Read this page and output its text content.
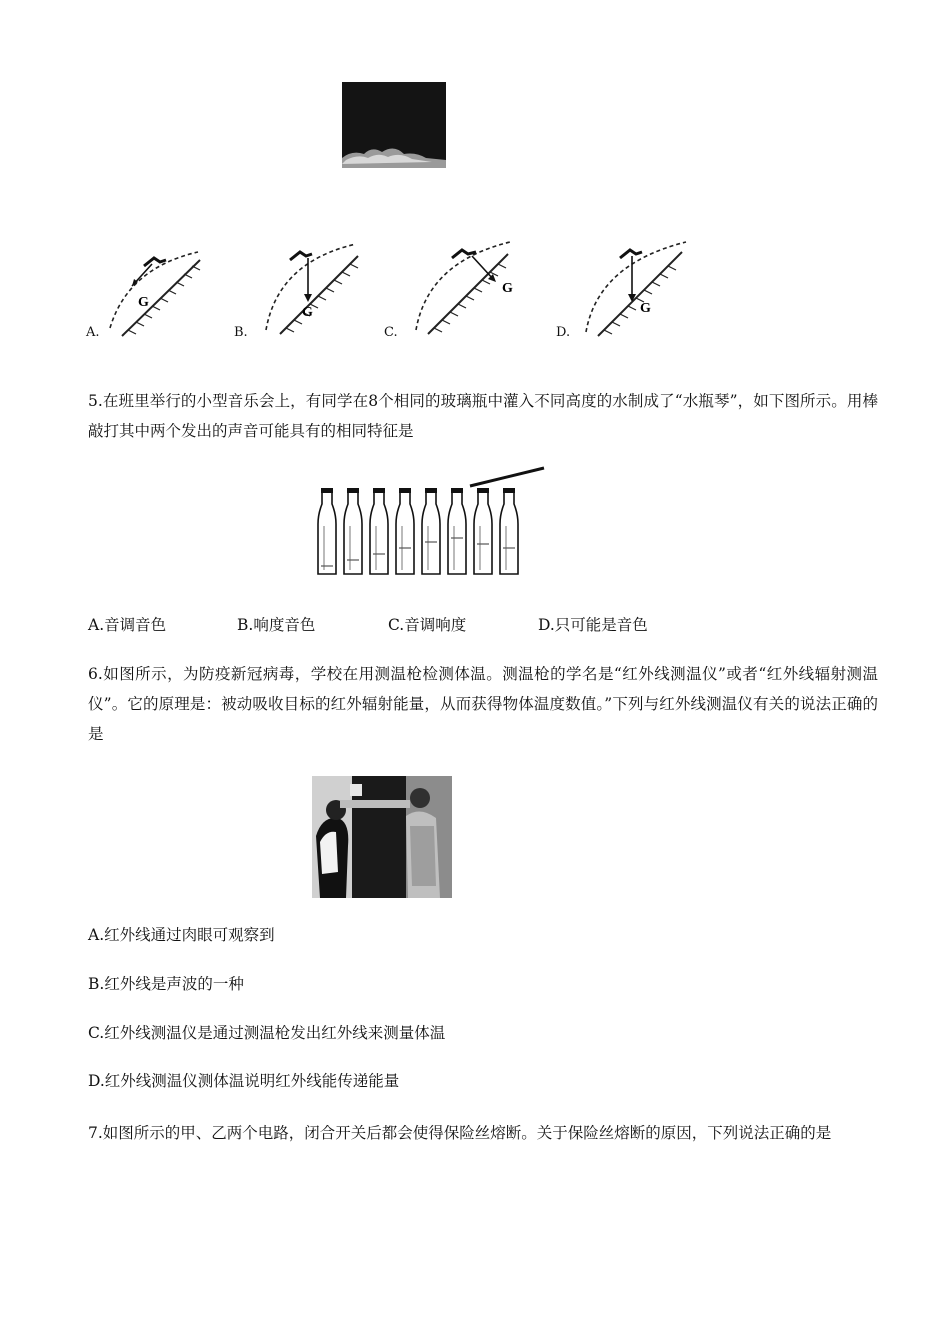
G
A.
G
B.
G
C.
G
D.
5.在班里举行的小型音乐会上，有同学在8个相同的玻璃瓶中灌入不同高度的水制成了“水瓶琴”，如下图所示。用棒敲打其中两个发出的声音可能具有的相同特征是
A.音调音色	B.响度音色	C.音调响度	D.只可能是音色
6.如图所示，为防疫新冠病毒，学校在用测温枪检测体温。测温枪的学名是“红外线测温仪”或者“红外线辐射测温仪”。它的原理是：被动吸收目标的红外辐射能量，从而获得物体温度数值。”下列与红外线测温仪有关的说法正确的是
A.红外线通过肉眼可观察到
B.红外线是声波的一种
C.红外线测温仪是通过测温枪发出红外线来测量体温
D.红外线测温仪测体温说明红外线能传递能量
7.如图所示的甲、乙两个电路，闭合开关后都会使得保险丝熔断。关于保险丝熔断的原因，下列说法正确的是
